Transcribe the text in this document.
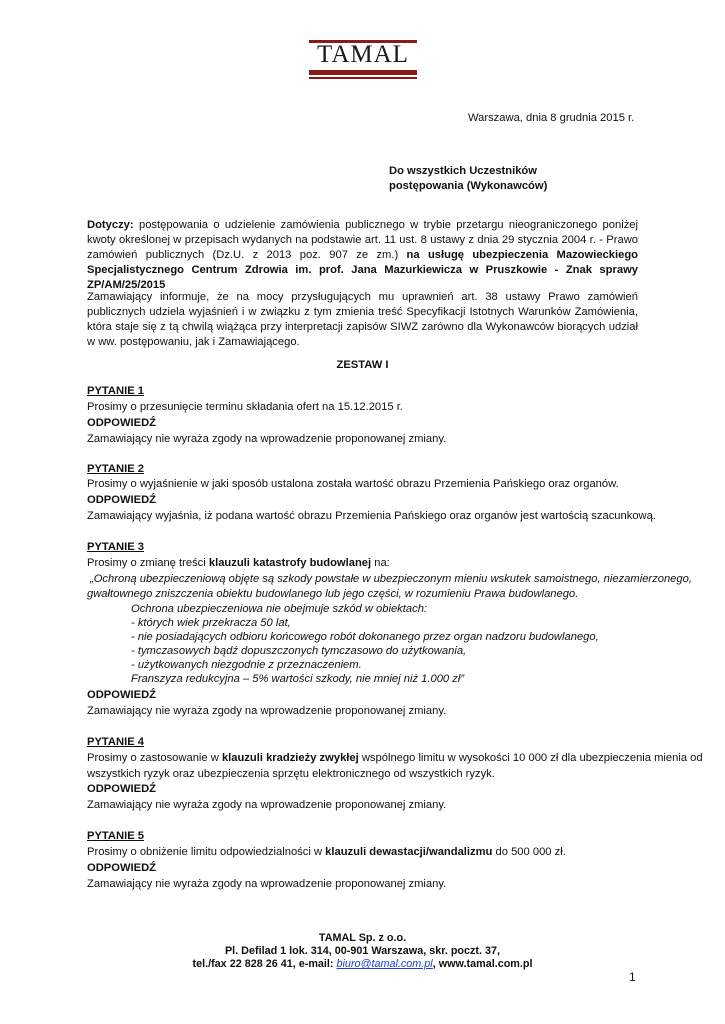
TAMAL
Warszawa, dnia 8 grudnia 2015 r.
Do wszystkich Uczestników
postępowania (Wykonawców)
Dotyczy: postępowania o udzielenie zamówienia publicznego w trybie przetargu nieograniczonego poniżej kwoty określonej w przepisach wydanych na podstawie art. 11 ust. 8 ustawy z dnia 29 stycznia 2004 r. - Prawo zamówień publicznych (Dz.U. z 2013 poz. 907 ze zm.) na usługę ubezpieczenia Mazowieckiego Specjalistycznego Centrum Zdrowia im. prof. Jana Mazurkiewicza w Pruszkowie - Znak sprawy ZP/AM/25/2015
Zamawiający informuje, że na mocy przysługujących mu uprawnień art. 38 ustawy Prawo zamówień publicznych udziela wyjaśnień i w związku z tym zmienia treść Specyfikacji Istotnych Warunków Zamówienia, która staje się z tą chwilą wiążąca przy interpretacji zapisów SIWZ zarówno dla Wykonawców biorących udział w ww. postępowaniu, jak i Zamawiającego.
ZESTAW I
PYTANIE 1
Prosimy o przesunięcie terminu składania ofert na 15.12.2015 r.
ODPOWIEDŹ
Zamawiający nie wyraża zgody na wprowadzenie proponowanej zmiany.
PYTANIE 2
Prosimy o wyjaśnienie w jaki sposób ustalona została wartość obrazu Przemienia Pańskiego oraz organów.
ODPOWIEDŹ
Zamawiający wyjaśnia, iż podana wartość obrazu Przemienia Pańskiego oraz organów jest wartością szacunkową.
PYTANIE 3
Prosimy o zmianę treści klauzuli katastrofy budowlanej na:
„Ochroną ubezpieczeniową objęte są szkody powstałe w ubezpieczonym mieniu wskutek samoistnego, niezamierzonego,
gwałtownego zniszczenia obiektu budowlanego lub jego części, w rozumieniu Prawa budowlanego.
Ochrona ubezpieczeniowa nie obejmuje szkód w obiektach:
- których wiek przekracza 50 lat,
- nie posiadających odbioru końcowego robót dokonanego przez organ nadzoru budowlanego,
- tymczasowych bądź dopuszczonych tymczasowo do użytkowania,
- użytkowanych niezgodnie z przeznaczeniem.
Franszyza redukcyjna – 5% wartości szkody, nie mniej niż 1.000 zł”
ODPOWIEDŹ
Zamawiający nie wyraża zgody na wprowadzenie proponowanej zmiany.
PYTANIE 4
Prosimy o zastosowanie w klauzuli kradzieży zwykłej wspólnego limitu w wysokości 10 000 zł dla ubezpieczenia mienia od
wszystkich ryzyk oraz ubezpieczenia sprzętu elektronicznego od wszystkich ryzyk.
ODPOWIEDŹ
Zamawiający nie wyraża zgody na wprowadzenie proponowanej zmiany.
PYTANIE 5
Prosimy o obniżenie limitu odpowiedzialności w klauzuli dewastacji/wandalizmu do 500 000 zł.
ODPOWIEDŹ
Zamawiający nie wyraża zgody na wprowadzenie proponowanej zmiany.
TAMAL Sp. z o.o.
Pl. Defilad 1 lok. 314, 00-901 Warszawa, skr. poczt. 37,
tel./fax 22 828 26 41, e-mail: biuro@tamal.com.pl, www.tamal.com.pl
1
